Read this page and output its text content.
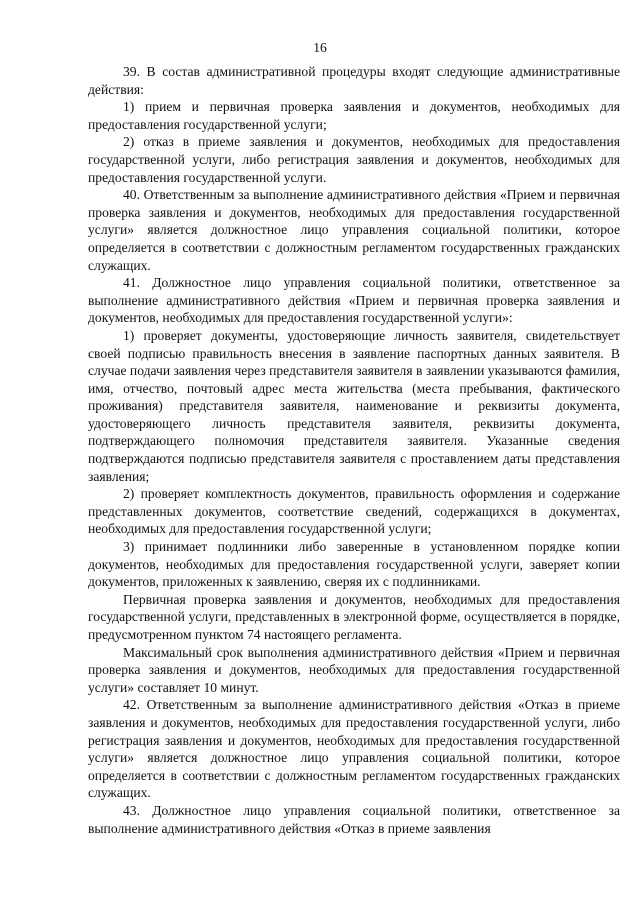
16

39. В состав административной процедуры входят следующие административные действия:

1) прием и первичная проверка заявления и документов, необходимых для предоставления государственной услуги;

2) отказ в приеме заявления и документов, необходимых для предоставления государственной услуги, либо регистрация заявления и документов, необходимых для предоставления государственной услуги.

40. Ответственным за выполнение административного действия «Прием и первичная проверка заявления и документов, необходимых для предоставления государственной услуги» является должностное лицо управления социальной политики, которое определяется в соответствии с должностным регламентом государственных гражданских служащих.

41. Должностное лицо управления социальной политики, ответственное за выполнение административного действия «Прием и первичная проверка заявления и документов, необходимых для предоставления государственной услуги»:

1) проверяет документы, удостоверяющие личность заявителя, свидетельствует своей подписью правильность внесения в заявление паспортных данных заявителя. В случае подачи заявления через представителя заявителя в заявлении указываются фамилия, имя, отчество, почтовый адрес места жительства (места пребывания, фактического проживания) представителя заявителя, наименование и реквизиты документа, удостоверяющего личность представителя заявителя, реквизиты документа, подтверждающего полномочия представителя заявителя. Указанные сведения подтверждаются подписью представителя заявителя с проставлением даты представления заявления;

2) проверяет комплектность документов, правильность оформления и содержание представленных документов, соответствие сведений, содержащихся в документах, необходимых для предоставления государственной услуги;

3) принимает подлинники либо заверенные в установленном порядке копии документов, необходимых для предоставления государственной услуги, заверяет копии документов, приложенных к заявлению, сверяя их с подлинниками.

Первичная проверка заявления и документов, необходимых для предоставления государственной услуги, представленных в электронной форме, осуществляется в порядке, предусмотренном пунктом 74 настоящего регламента.

Максимальный срок выполнения административного действия «Прием и первичная проверка заявления и документов, необходимых для предоставления государственной услуги» составляет 10 минут.

42. Ответственным за выполнение административного действия «Отказ в приеме заявления и документов, необходимых для предоставления государственной услуги, либо регистрация заявления и документов, необходимых для предоставления государственной услуги» является должностное лицо управления социальной политики, которое определяется в соответствии с должностным регламентом государственных гражданских служащих.

43. Должностное лицо управления социальной политики, ответственное за выполнение административного действия «Отказ в приеме заявления
